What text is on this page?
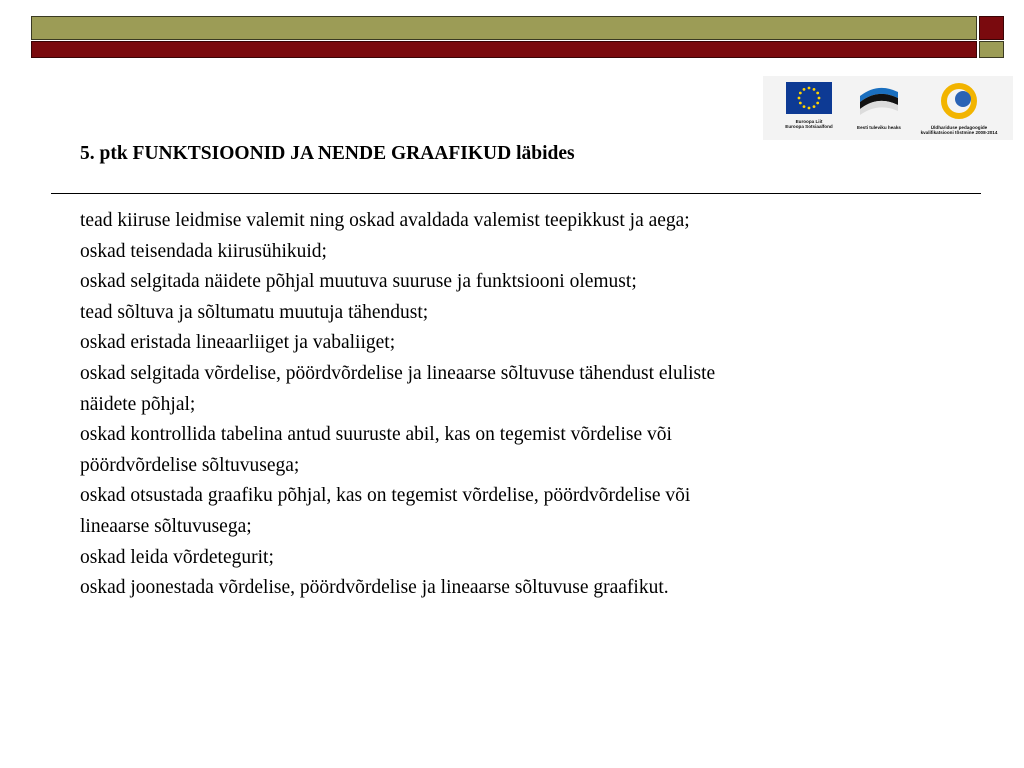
Euroopa Liit
Euroopa Sotsiaalfond	Eesti tuleviku heaks	Üldhariduse pedagoogide
kvalifikatsiooni tõstmine 2008-2014
5. ptk FUNKTSIOONID JA NENDE GRAAFIKUD läbides
tead kiiruse leidmise valemit ning oskad avaldada valemist teepikkust ja aega;
oskad teisendada kiirusühikuid;
oskad selgitada näidete põhjal muutuva suuruse ja funktsiooni olemust;
tead sõltuva ja sõltumatu muutuja tähendust;
oskad eristada lineaarliiget ja vabaliiget;
oskad selgitada võrdelise, pöördvõrdelise ja lineaarse sõltuvuse tähendust eluliste
näidete põhjal;
oskad kontrollida tabelina antud suuruste abil, kas on tegemist võrdelise või
pöördvõrdelise sõltuvusega;
oskad otsustada graafiku põhjal, kas on tegemist võrdelise, pöördvõrdelise või
lineaarse sõltuvusega;
oskad leida võrdetegurit;
oskad joonestada võrdelise, pöördvõrdelise ja lineaarse sõltuvuse graafikut.
